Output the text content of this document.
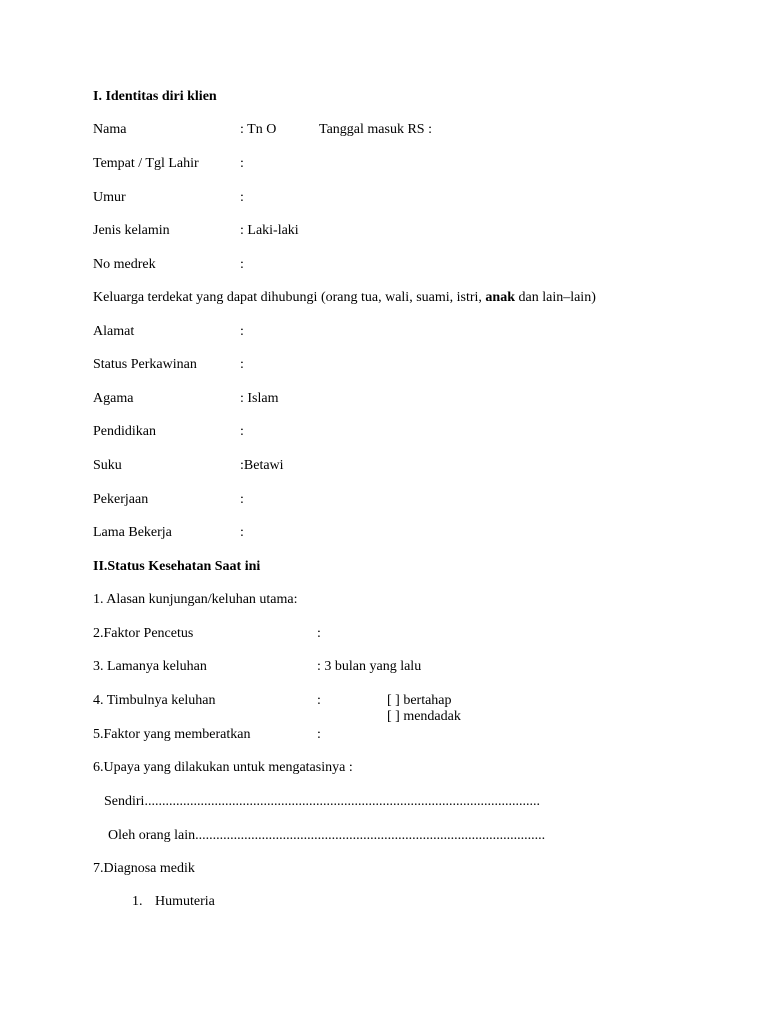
I. Identitas diri klien
Nama	: Tn O	Tanggal masuk RS :
Tempat / Tgl Lahir	:
Umur	:
Jenis kelamin	: Laki-laki
No medrek	:
Keluarga terdekat yang dapat dihubungi (orang tua, wali, suami, istri, anak dan lain–lain)
Alamat	:
Status Perkawinan	:
Agama	: Islam
Pendidikan	:
Suku	:Betawi
Pekerjaan	:
Lama Bekerja	:
II.Status Kesehatan Saat ini
1. Alasan kunjungan/keluhan utama:
2.Faktor Pencetus	:
3. Lamanya keluhan	: 3 bulan yang lalu
4. Timbulnya keluhan	:	[ ] bertahap
[ ] mendadak
5.Faktor yang memberatkan	:
6.Upaya yang dilakukan untuk mengatasinya :
Sendiri.................................................................................................................
Oleh orang lain....................................................................................................
7.Diagnosa medik
1. Humuteria
